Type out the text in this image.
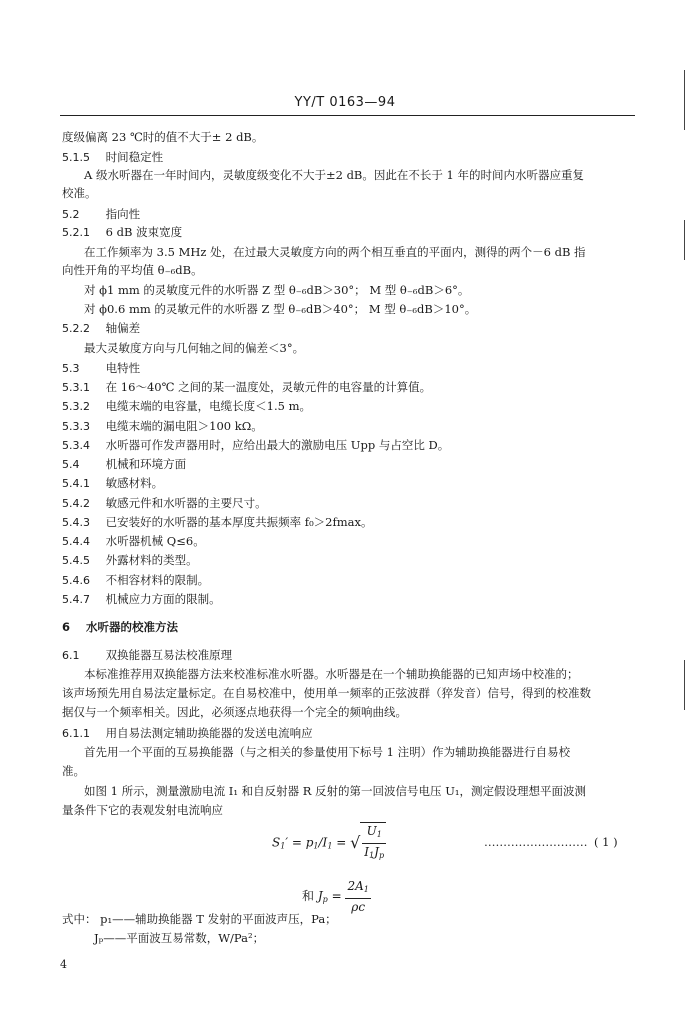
YY/T 0163—94
度级偏离 23 ℃时的值不大于± 2 dB。
5.1.5 时间稳定性
A 级水听器在一年时间内，灵敏度级变化不大于±2 dB。因此在不长于 1 年的时间内水听器应重复
校准。
5.2 指向性
5.2.1 6 dB 波束宽度
在工作频率为 3.5 MHz 处，在过最大灵敏度方向的两个相互垂直的平面内，测得的两个－6 dB 指
向性开角的平均值 θ₋₆dB。
对 ϕ1 mm 的灵敏度元件的水听器 Z 型 θ₋₆dB＞30°； M 型 θ₋₆dB＞6°。
对 ϕ0.6 mm 的灵敏元件的水听器 Z 型 θ₋₆dB＞40°； M 型 θ₋₆dB＞10°。
5.2.2 轴偏差
最大灵敏度方向与几何轴之间的偏差＜3°。
5.3 电特性
5.3.1 在 16～40℃ 之间的某一温度处，灵敏元件的电容量的计算值。
5.3.2 电缆末端的电容量，电缆长度＜1.5 m。
5.3.3 电缆末端的漏电阻＞100 kΩ。
5.3.4 水听器可作发声器用时，应给出最大的激励电压 Upp 与占空比 D。
5.4 机械和环境方面
5.4.1 敏感材料。
5.4.2 敏感元件和水听器的主要尺寸。
5.4.3 已安装好的水听器的基本厚度共振频率 f₀＞2fmax。
5.4.4 水听器机械 Q≤6。
5.4.5 外露材料的类型。
5.4.6 不相容材料的限制。
5.4.7 机械应力方面的限制。
6 水听器的校准方法
6.1 双换能器互易法校准原理
本标准推荐用双换能器方法来校准标准水听器。水听器是在一个辅助换能器的已知声场中校准的；
该声场预先用自易法定量标定。在自易校准中，使用单一频率的正弦波群（猝发音）信号，得到的校准数
据仅与一个频率相关。因此，必须逐点地获得一个完全的频响曲线。
6.1.1 用自易法测定辅助换能器的发送电流响应
首先用一个平面的互易换能器（与之相关的参量使用下标号 1 注明）作为辅助换能器进行自易校
准。
如图 1 所示，测量激励电流 I₁ 和自反射器 R 反射的第一回波信号电压 U₁，测定假设理想平面波测
量条件下它的表观发射电流响应
$S_1' = p_1/I_1$ = √ $\frac{U_1}{I_1J_p}$	……………………… ( 1 )
和 $J_p = \frac{2A_1}{\rho c}$
式中： p₁——辅助换能器 T 发射的平面波声压，Pa；
Jₚ——平面波互易常数，W/Pa²；
4
